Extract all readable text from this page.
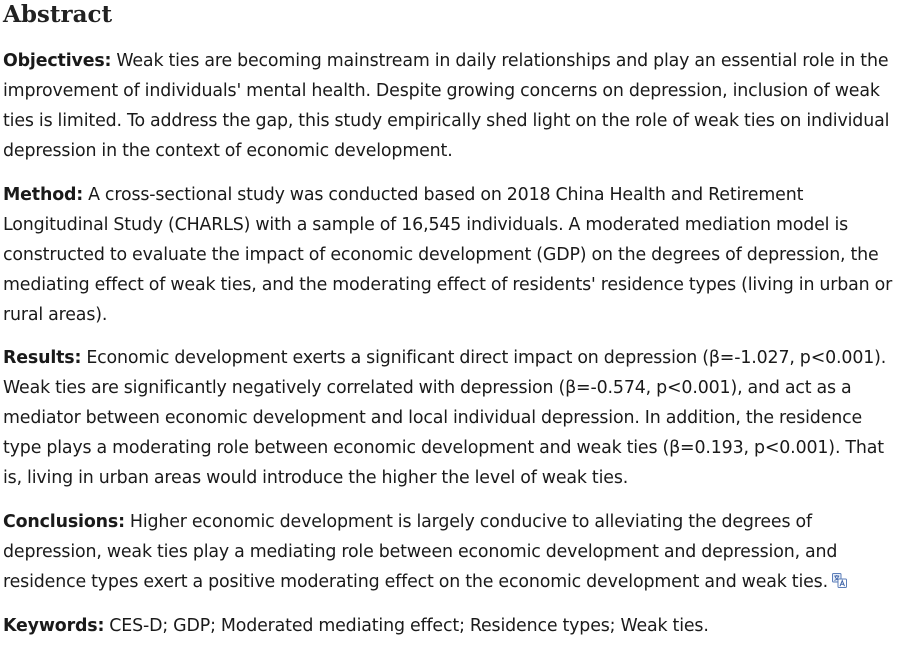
Abstract

Objectives: Weak ties are becoming mainstream in daily relationships and play an essential role in the improvement of individuals' mental health. Despite growing concerns on depression, inclusion of weak ties is limited. To address the gap, this study empirically shed light on the role of weak ties on individual depression in the context of economic development.

Method: A cross-sectional study was conducted based on 2018 China Health and Retirement Longitudinal Study (CHARLS) with a sample of 16,545 individuals. A moderated mediation model is constructed to evaluate the impact of economic development (GDP) on the degrees of depression, the mediating effect of weak ties, and the moderating effect of residents' residence types (living in urban or rural areas).

Results: Economic development exerts a significant direct impact on depression (β=-1.027, p<0.001). Weak ties are significantly negatively correlated with depression (β=-0.574, p<0.001), and act as a mediator between economic development and local individual depression. In addition, the residence type plays a moderating role between economic development and weak ties (β=0.193, p<0.001). That is, living in urban areas would introduce the higher the level of weak ties.

Conclusions: Higher economic development is largely conducive to alleviating the degrees of depression, weak ties play a mediating role between economic development and depression, and residence types exert a positive moderating effect on the economic development and weak ties.

Keywords: CES-D; GDP; Moderated mediating effect; Residence types; Weak ties.
